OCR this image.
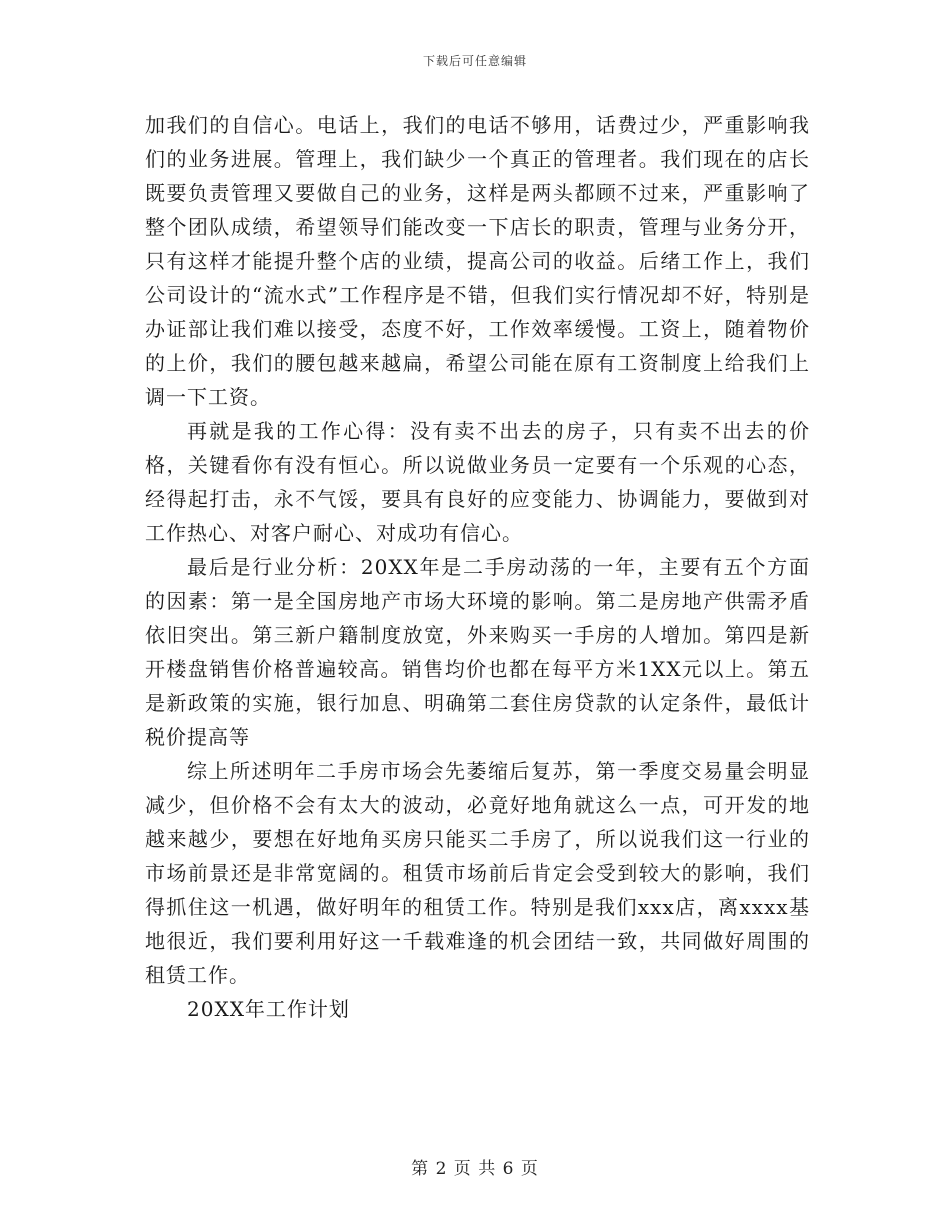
下载后可任意编辑

加我们的自信心。电话上，我们的电话不够用，话费过少，严重影响我们的业务进展。管理上，我们缺少一个真正的管理者。我们现在的店长既要负责管理又要做自己的业务，这样是两头都顾不过来，严重影响了整个团队成绩，希望领导们能改变一下店长的职责，管理与业务分开，只有这样才能提升整个店的业绩，提高公司的收益。后绪工作上，我们公司设计的“流水式”工作程序是不错，但我们实行情况却不好，特别是办证部让我们难以接受，态度不好，工作效率缓慢。工资上，随着物价的上价，我们的腰包越来越扁，希望公司能在原有工资制度上给我们上调一下工资。

再就是我的工作心得：没有卖不出去的房子，只有卖不出去的价格，关键看你有没有恒心。所以说做业务员一定要有一个乐观的心态，经得起打击，永不气馁，要具有良好的应变能力、协调能力，要做到对工作热心、对客户耐心、对成功有信心。

最后是行业分析：20XX年是二手房动荡的一年，主要有五个方面的因素：第一是全国房地产市场大环境的影响。第二是房地产供需矛盾依旧突出。第三新户籍制度放宽，外来购买一手房的人增加。第四是新开楼盘销售价格普遍较高。销售均价也都在每平方米1XX元以上。第五是新政策的实施，银行加息、明确第二套住房贷款的认定条件，最低计税价提高等

综上所述明年二手房市场会先萎缩后复苏，第一季度交易量会明显减少，但价格不会有太大的波动，必竟好地角就这么一点，可开发的地越来越少，要想在好地角买房只能买二手房了，所以说我们这一行业的市场前景还是非常宽阔的。租赁市场前后肯定会受到较大的影响，我们得抓住这一机遇，做好明年的租赁工作。特别是我们xxx店，离xxxx基地很近，我们要利用好这一千载难逢的机会团结一致，共同做好周围的租赁工作。

20XX年工作计划

第 2 页 共 6 页
